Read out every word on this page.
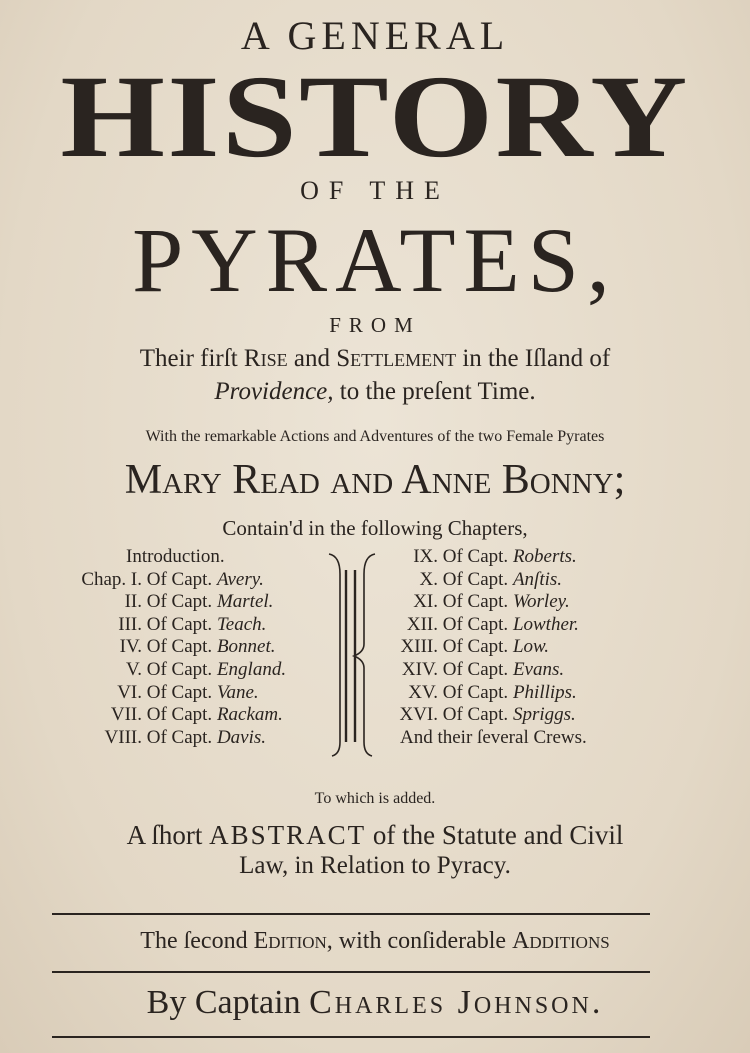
A GENERAL
HISTORY
OF THE
PYRATES,
FROM
Their firſt Rise and Settlement in the Iſland of
Providence, to the preſent Time.
With the remarkable Actions and Adventures of the two Female Pyrates
Mary Read and Anne Bonny;
Contain'd in the following Chapters,
Introduction.
Chap. I. Of Capt. Avery.
II. Of Capt. Martel.
III. Of Capt. Teach.
IV. Of Capt. Bonnet.
V. Of Capt. England.
VI. Of Capt. Vane.
VII. Of Capt. Rackam.
VIII. Of Capt. Davis.
IX. Of Capt. Roberts.
X. Of Capt. Anſtis.
XI. Of Capt. Worley.
XII. Of Capt. Lowther.
XIII. Of Capt. Low.
XIV. Of Capt. Evans.
XV. Of Capt. Phillips.
XVI. Of Capt. Spriggs.
And their ſeveral Crews.
To which is added.
A ſhort ABSTRACT of the Statute and Civil
Law, in Relation to Pyracy.
The ſecond Edition, with conſiderable Additions
By Captain Charles Johnson.
